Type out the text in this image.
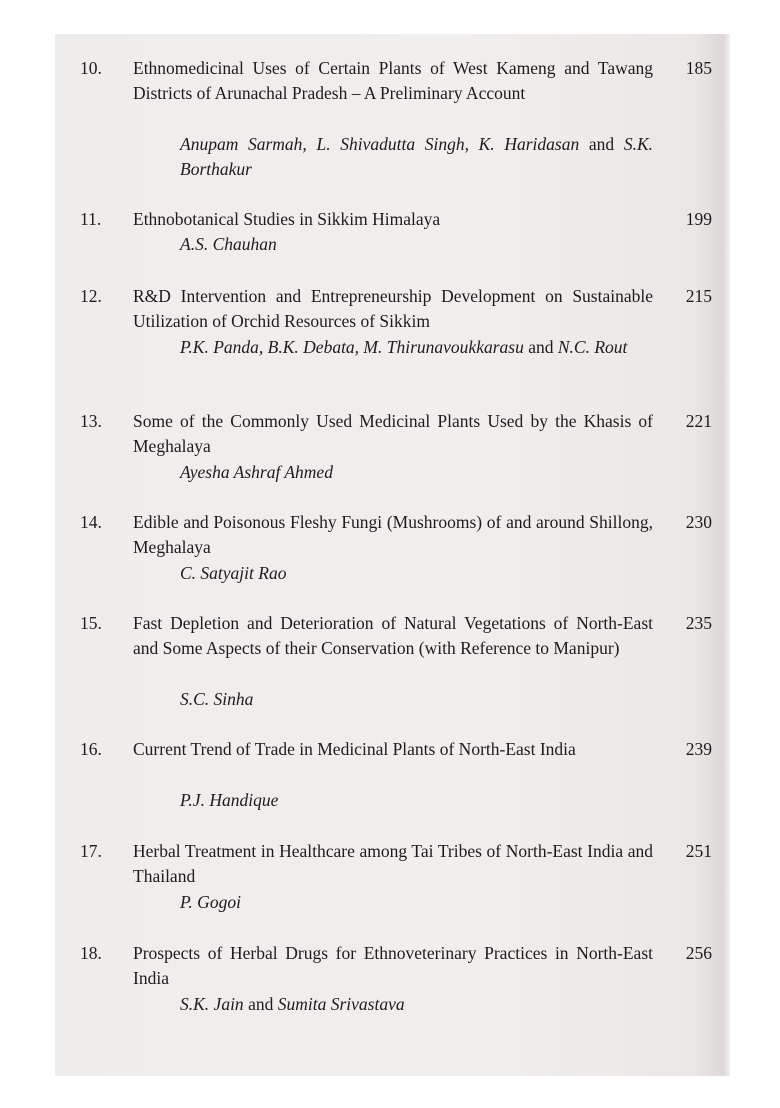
10. Ethnomedicinal Uses of Certain Plants of West Kameng and Tawang Districts of Arunachal Pradesh – A Preliminary Account
185
Anupam Sarmah, L. Shivadutta Singh, K. Haridasan and S.K. Borthakur
11. Ethnobotanical Studies in Sikkim Himalaya	199
A.S. Chauhan
12. R&D Intervention and Entrepreneurship Development on Sustainable Utilization of Orchid Resources of Sikkim
215
P.K. Panda, B.K. Debata, M. Thirunavoukkarasu and N.C. Rout
13. Some of the Commonly Used Medicinal Plants Used by the Khasis of Meghalaya
221
Ayesha Ashraf Ahmed
14. Edible and Poisonous Fleshy Fungi (Mushrooms) of and around Shillong, Meghalaya
230
C. Satyajit Rao
15. Fast Depletion and Deterioration of Natural Vegetations of North-East and Some Aspects of their Conservation (with Reference to Manipur)
235
S.C. Sinha
16. Current Trend of Trade in Medicinal Plants of North-East India	239
P.J. Handique
17. Herbal Treatment in Healthcare among Tai Tribes of North-East India and Thailand
251
P. Gogoi
18. Prospects of Herbal Drugs for Ethnoveterinary Practices in North-East India
256
S.K. Jain and Sumita Srivastava
